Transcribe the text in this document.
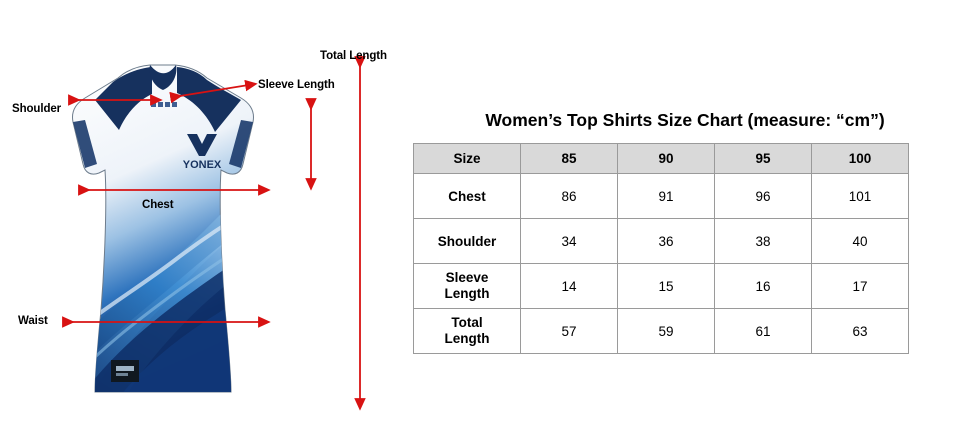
YONEX
Shoulder
Sleeve Length
Chest
Waist
Total Length
Women’s Top Shirts Size Chart (measure: “cm”)
Size	85	90	95	100
Chest	86	91	96	101
Shoulder	34	36	38	40

Sleeve
Length	14	15	16	17

Total
Length	57	59	61	63
